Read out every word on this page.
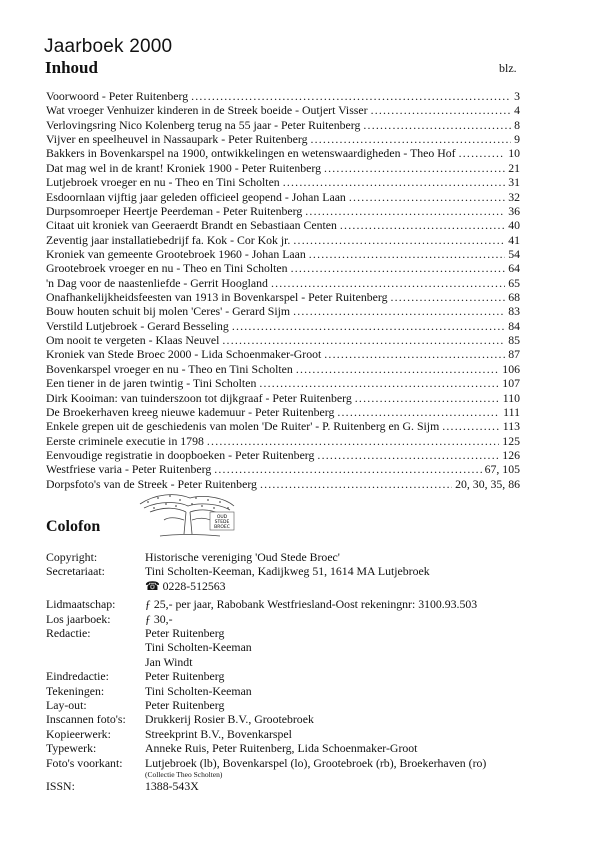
Jaarboek 2000
Inhoud	blz.
Voorwoord - Peter Ruitenberg .....	3
Wat vroeger Venhuizer kinderen in de Streek boeide - Outjert Visser .....	4
Verlovingsring Nico Kolenberg terug na 55 jaar - Peter Ruitenberg .....	8
Vijver en speelheuvel in Nassaupark - Peter Ruitenberg .....	9
Bakkers in Bovenkarspel na 1900, ontwikkelingen en wetenswaardigheden - Theo Hof .....	10
Dat mag wel in de krant! Kroniek 1900 - Peter Ruitenberg .....	21
Lutjebroek vroeger en nu - Theo en Tini Scholten .....	31
Esdoornlaan vijftig jaar geleden officieel geopend - Johan Laan .....	32
Durpsomroeper Heertje Peerdeman - Peter Ruitenberg .....	36
Citaat uit kroniek van Geeraerdt Brandt en Sebastiaan Centen .....	40
Zeventig jaar installatiebedrijf fa. Kok - Cor Kok jr. .....	41
Kroniek van gemeente Grootebroek 1960 - Johan Laan .....	54
Grootebroek vroeger en nu - Theo en Tini Scholten .....	64
'n Dag voor de naastenliefde - Gerrit Hoogland .....	65
Onafhankelijkheidsfeesten van 1913 in Bovenkarspel - Peter Ruitenberg .....	68
Bouw houten schuit bij molen 'Ceres' - Gerard Sijm .....	83
Verstild Lutjebroek - Gerard Besseling .....	84
Om nooit te vergeten - Klaas Neuvel .....	85
Kroniek van Stede Broec 2000 - Lida Schoenmaker-Groot .....	87
Bovenkarspel vroeger en nu - Theo en Tini Scholten .....	106
Een tiener in de jaren twintig - Tini Scholten .....	107
Dirk Kooiman: van tuinderszoon tot dijkgraaf - Peter Ruitenberg .....	110
De Broekerhaven kreeg nieuwe kademuur - Peter Ruitenberg .....	111
Enkele grepen uit de geschiedenis van molen 'De Ruiter' - P. Ruitenberg en G. Sijm .....	113
Eerste criminele executie in 1798 .....	125
Eenvoudige registratie in doopboeken - Peter Ruitenberg .....	126
Westfriese varia - Peter Ruitenberg .....	67, 105
Dorpsfoto's van de Streek - Peter Ruitenberg .....	20, 30, 35, 86
OUD
STEDE
BROEC
Colofon
Copyright:	Historische vereniging 'Oud Stede Broec'
Secretariaat:	Tini Scholten-Keeman, Kadijkweg 51, 1614 MA Lutjebroek
☎ 0228-512563
Lidmaatschap:	ƒ 25,- per jaar, Rabobank Westfriesland-Oost rekeningnr: 3100.93.503
Los jaarboek:	ƒ 30,-
Redactie:	Peter Ruitenberg
Tini Scholten-Keeman
Jan Windt
Eindredactie:	Peter Ruitenberg
Tekeningen:	Tini Scholten-Keeman
Lay-out:	Peter Ruitenberg
Inscannen foto's:	Drukkerij Rosier B.V., Grootebroek
Kopieerwerk:	Streekprint B.V., Bovenkarspel
Typewerk:	Anneke Ruis, Peter Ruitenberg, Lida Schoenmaker-Groot
Foto's voorkant:	Lutjebroek (lb), Bovenkarspel (lo), Grootebroek (rb), Broekerhaven (ro)
(Collectie Theo Scholten)
ISSN:	1388-543X
